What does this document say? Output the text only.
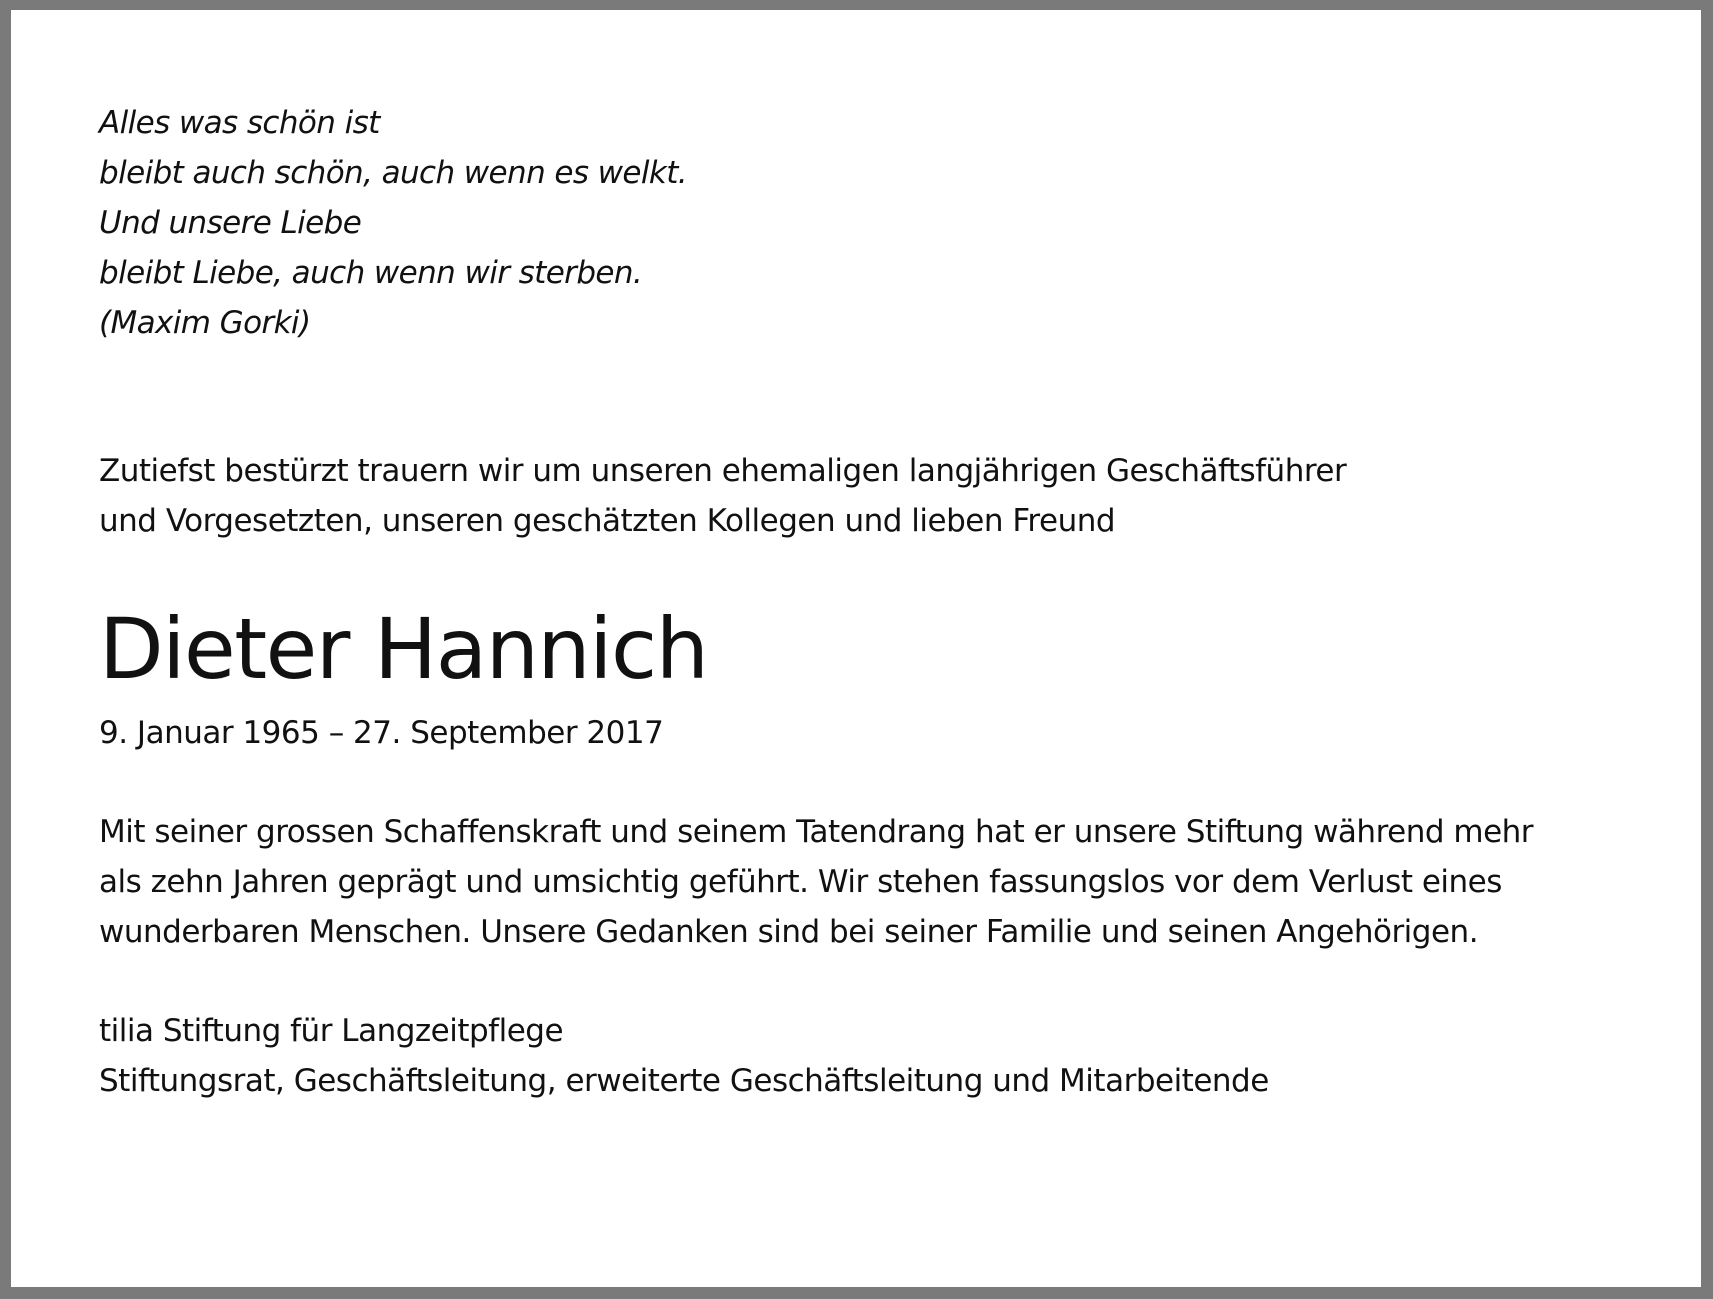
Alles was schön ist
bleibt auch schön, auch wenn es welkt.
Und unsere Liebe
bleibt Liebe, auch wenn wir sterben.
(Maxim Gorki)
Zutiefst bestürzt trauern wir um unseren ehemaligen langjährigen Geschäftsführer
und Vorgesetzten, unseren geschätzten Kollegen und lieben Freund
Dieter Hannich
9. Januar 1965 – 27. September 2017
Mit seiner grossen Schaffenskraft und seinem Tatendrang hat er unsere Stiftung während mehr
als zehn Jahren geprägt und umsichtig geführt. Wir stehen fassungslos vor dem Verlust eines
wunderbaren Menschen. Unsere Gedanken sind bei seiner Familie und seinen Angehörigen.
tilia Stiftung für Langzeitpflege
Stiftungsrat, Geschäftsleitung, erweiterte Geschäftsleitung und Mitarbeitende
